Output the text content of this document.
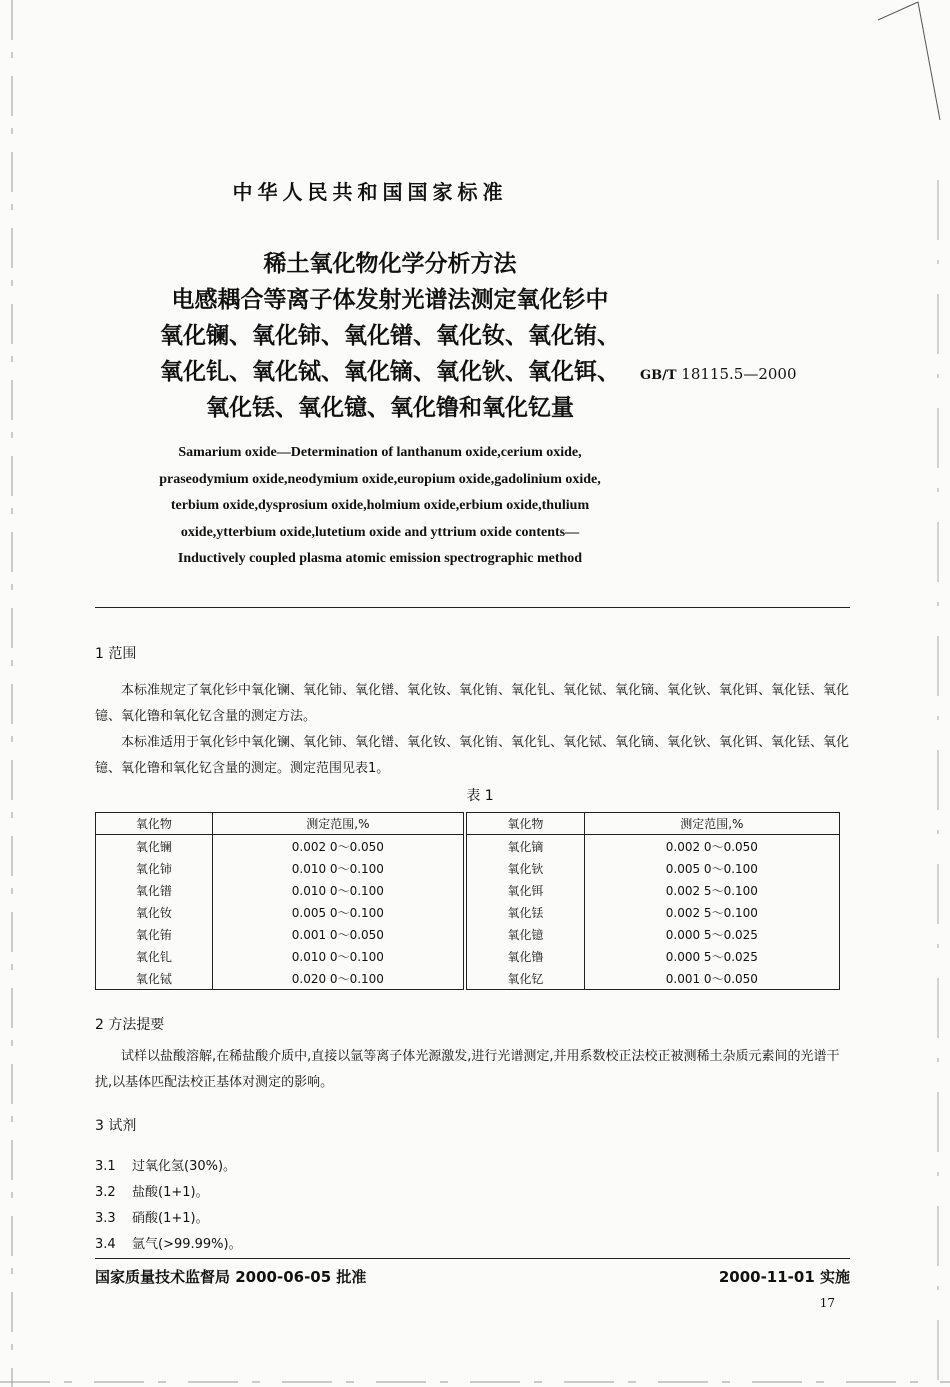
中华人民共和国国家标准
稀土氧化物化学分析方法
电感耦合等离子体发射光谱法测定氧化钐中
氧化镧、氧化铈、氧化镨、氧化钕、氧化铕、
氧化钆、氧化铽、氧化镝、氧化钬、氧化铒、
氧化铥、氧化镱、氧化镥和氧化钇量
GB/T 18115.5—2000
Samarium oxide—Determination of lanthanum oxide,cerium oxide,
praseodymium oxide,neodymium oxide,europium oxide,gadolinium oxide,
terbium oxide,dysprosium oxide,holmium oxide,erbium oxide,thulium
oxide,ytterbium oxide,lutetium oxide and yttrium oxide contents—
Inductively coupled plasma atomic emission spectrographic method
1 范围
本标准规定了氧化钐中氧化镧、氧化铈、氧化镨、氧化钕、氧化铕、氧化钆、氧化铽、氧化镝、氧化钬、氧化铒、氧化铥、氧化镱、氧化镥和氧化钇含量的测定方法。
本标准适用于氧化钐中氧化镧、氧化铈、氧化镨、氧化钕、氧化铕、氧化钆、氧化铽、氧化镝、氧化钬、氧化铒、氧化铥、氧化镱、氧化镥和氧化钇含量的测定。测定范围见表1。
表 1
氧化物	测定范围,%	氧化物	测定范围,%
氧化镧	0.002 0～0.050	氧化镝	0.002 0～0.050
氧化铈	0.010 0～0.100	氧化钬	0.005 0～0.100
氧化镨	0.010 0～0.100	氧化铒	0.002 5～0.100
氧化钕	0.005 0～0.100	氧化铥	0.002 5～0.100
氧化铕	0.001 0～0.050	氧化镱	0.000 5～0.025
氧化钆	0.010 0～0.100	氧化镥	0.000 5～0.025
氧化铽	0.020 0～0.100	氧化钇	0.001 0～0.050
2 方法提要
试样以盐酸溶解,在稀盐酸介质中,直接以氩等离子体光源激发,进行光谱测定,并用系数校正法校正被测稀土杂质元素间的光谱干扰,以基体匹配法校正基体对测定的影响。
3 试剂
3.1 过氧化氢(30%)。
3.2 盐酸(1+1)。
3.3 硝酸(1+1)。
3.4 氩气(>99.99%)。
国家质量技术监督局 2000-06-05 批准	2000-11-01 实施
17
